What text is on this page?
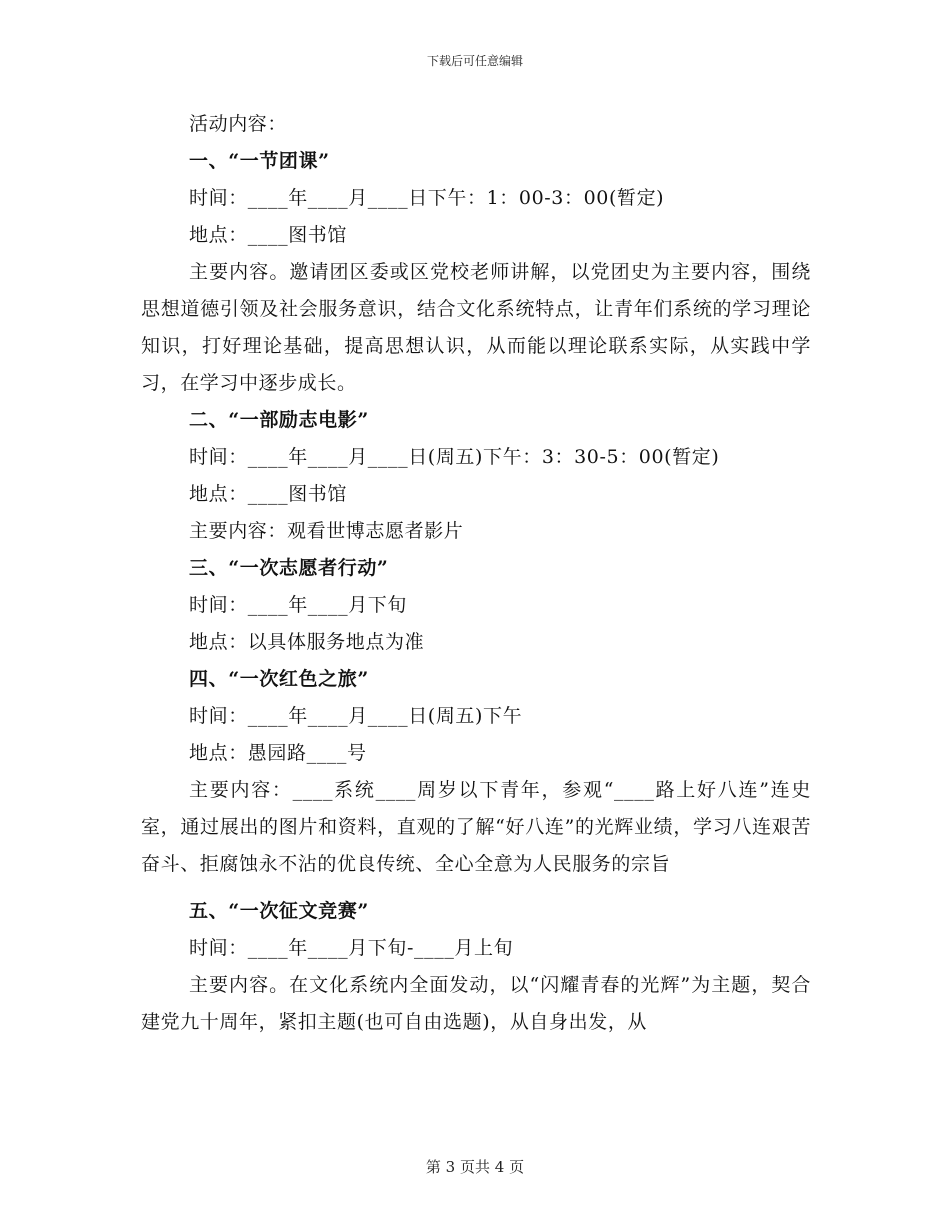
下载后可任意编辑
活动内容：
一、“一节团课”
时间：____年____月____日下午：1：00-3：00(暂定)
地点：____图书馆
主要内容。邀请团区委或区党校老师讲解，以党团史为主要内容，围绕思想道德引领及社会服务意识，结合文化系统特点，让青年们系统的学习理论知识，打好理论基础，提高思想认识，从而能以理论联系实际，从实践中学习，在学习中逐步成长。
二、“一部励志电影”
时间：____年____月____日(周五)下午：3：30-5：00(暂定)
地点：____图书馆
主要内容：观看世博志愿者影片
三、“一次志愿者行动”
时间：____年____月下旬
地点：以具体服务地点为准
四、“一次红色之旅”
时间：____年____月____日(周五)下午
地点：愚园路____号
主要内容：____系统____周岁以下青年，参观“____路上好八连”连史室，通过展出的图片和资料，直观的了解“好八连”的光辉业绩，学习八连艰苦奋斗、拒腐蚀永不沾的优良传统、全心全意为人民服务的宗旨
五、“一次征文竞赛”
时间：____年____月下旬-____月上旬
主要内容。在文化系统内全面发动，以“闪耀青春的光辉”为主题，契合建党九十周年，紧扣主题(也可自由选题)，从自身出发，从
第 3 页共 4 页
